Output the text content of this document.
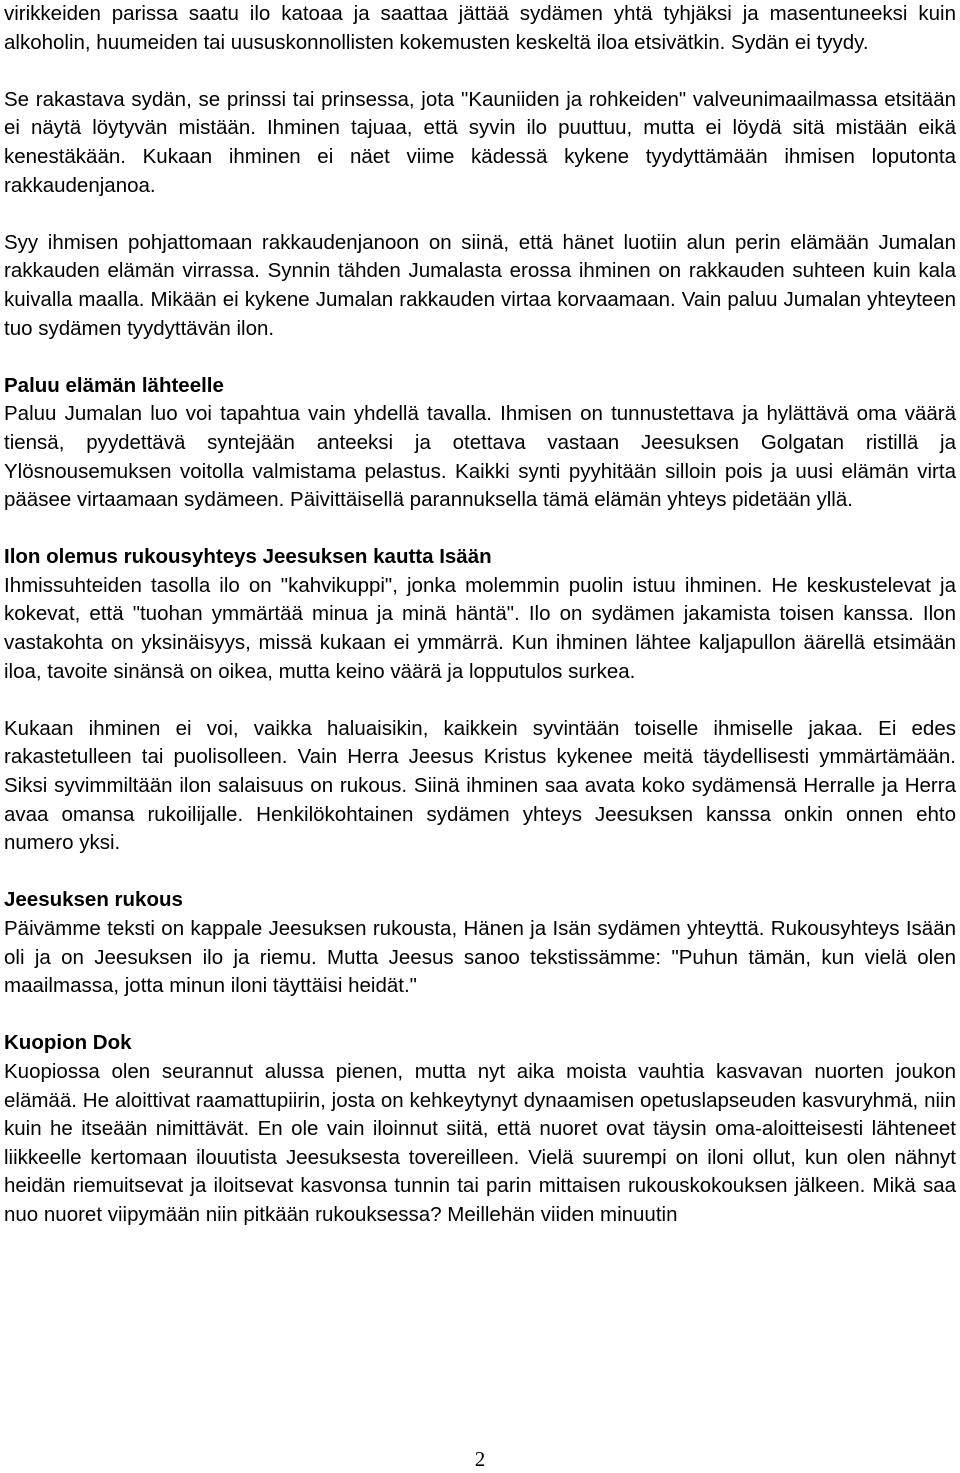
virikkeiden parissa saatu ilo katoaa ja saattaa jättää sydämen yhtä tyhjäksi ja masentuneeksi kuin alkoholin, huumeiden tai uususkonnollisten kokemusten keskeltä iloa etsivätkin. Sydän ei tyydy.

Se rakastava sydän, se prinssi tai prinsessa, jota "Kauniiden ja rohkeiden" valveunimaailmassa etsitään ei näytä löytyvän mistään. Ihminen tajuaa, että syvin ilo puuttuu, mutta ei löydä sitä mistään eikä kenestäkään. Kukaan ihminen ei näet viime kädessä kykene tyydyttämään ihmisen loputonta rakkaudenjanoa.

Syy ihmisen pohjattomaan rakkaudenjanoon on siinä, että hänet luotiin alun perin elämään Jumalan rakkauden elämän virrassa. Synnin tähden Jumalasta erossa ihminen on rakkauden suhteen kuin kala kuivalla maalla. Mikään ei kykene Jumalan rakkauden virtaa korvaamaan. Vain paluu Jumalan yhteyteen tuo sydämen tyydyttävän ilon.

Paluu elämän lähteelle

Paluu Jumalan luo voi tapahtua vain yhdellä tavalla. Ihmisen on tunnustettava ja hylättävä oma väärä tiensä, pyydettävä syntejään anteeksi ja otettava vastaan Jeesuksen Golgatan ristillä ja Ylösnousemuksen voitolla valmistama pelastus. Kaikki synti pyyhitään silloin pois ja uusi elämän virta pääsee virtaamaan sydämeen. Päivittäisellä parannuksella tämä elämän yhteys pidetään yllä.

Ilon olemus rukousyhteys Jeesuksen kautta Isään

Ihmissuhteiden tasolla ilo on "kahvikuppi", jonka molemmin puolin istuu ihminen. He keskustelevat ja kokevat, että "tuohan ymmärtää minua ja minä häntä". Ilo on sydämen jakamista toisen kanssa. Ilon vastakohta on yksinäisyys, missä kukaan ei ymmärrä. Kun ihminen lähtee kaljapullon äärellä etsimään iloa, tavoite sinänsä on oikea, mutta keino väärä ja lopputulos surkea.

Kukaan ihminen ei voi, vaikka haluaisikin, kaikkein syvintään toiselle ihmiselle jakaa. Ei edes rakastetulleen tai puolisolleen. Vain Herra Jeesus Kristus kykenee meitä täydellisesti ymmärtämään. Siksi syvimmiltään ilon salaisuus on rukous. Siinä ihminen saa avata koko sydämensä Herralle ja Herra avaa omansa rukoilijalle. Henkilökohtainen sydämen yhteys Jeesuksen kanssa onkin onnen ehto numero yksi.

Jeesuksen rukous

Päivämme teksti on kappale Jeesuksen rukousta, Hänen ja Isän sydämen yhteyttä. Rukousyhteys Isään oli ja on Jeesuksen ilo ja riemu. Mutta Jeesus sanoo tekstissämme: "Puhun tämän, kun vielä olen maailmassa, jotta minun iloni täyttäisi heidät."

Kuopion Dok

Kuopiossa olen seurannut alussa pienen, mutta nyt aika moista vauhtia kasvavan nuorten joukon elämää. He aloittivat raamattupiirin, josta on kehkeytynyt dynaamisen opetuslapseuden kasvuryhmä, niin kuin he itseään nimittävät. En ole vain iloinnut siitä, että nuoret ovat täysin oma-aloitteisesti lähteneet liikkeelle kertomaan ilouutista Jeesuksesta tovereilleen. Vielä suurempi on iloni ollut, kun olen nähnyt heidän riemuitsevat ja iloitsevat kasvonsa tunnin tai parin mittaisen rukouskokouksen jälkeen. Mikä saa nuo nuoret viipymään niin pitkään rukouksessa? Meillehän viiden minuutin

2
